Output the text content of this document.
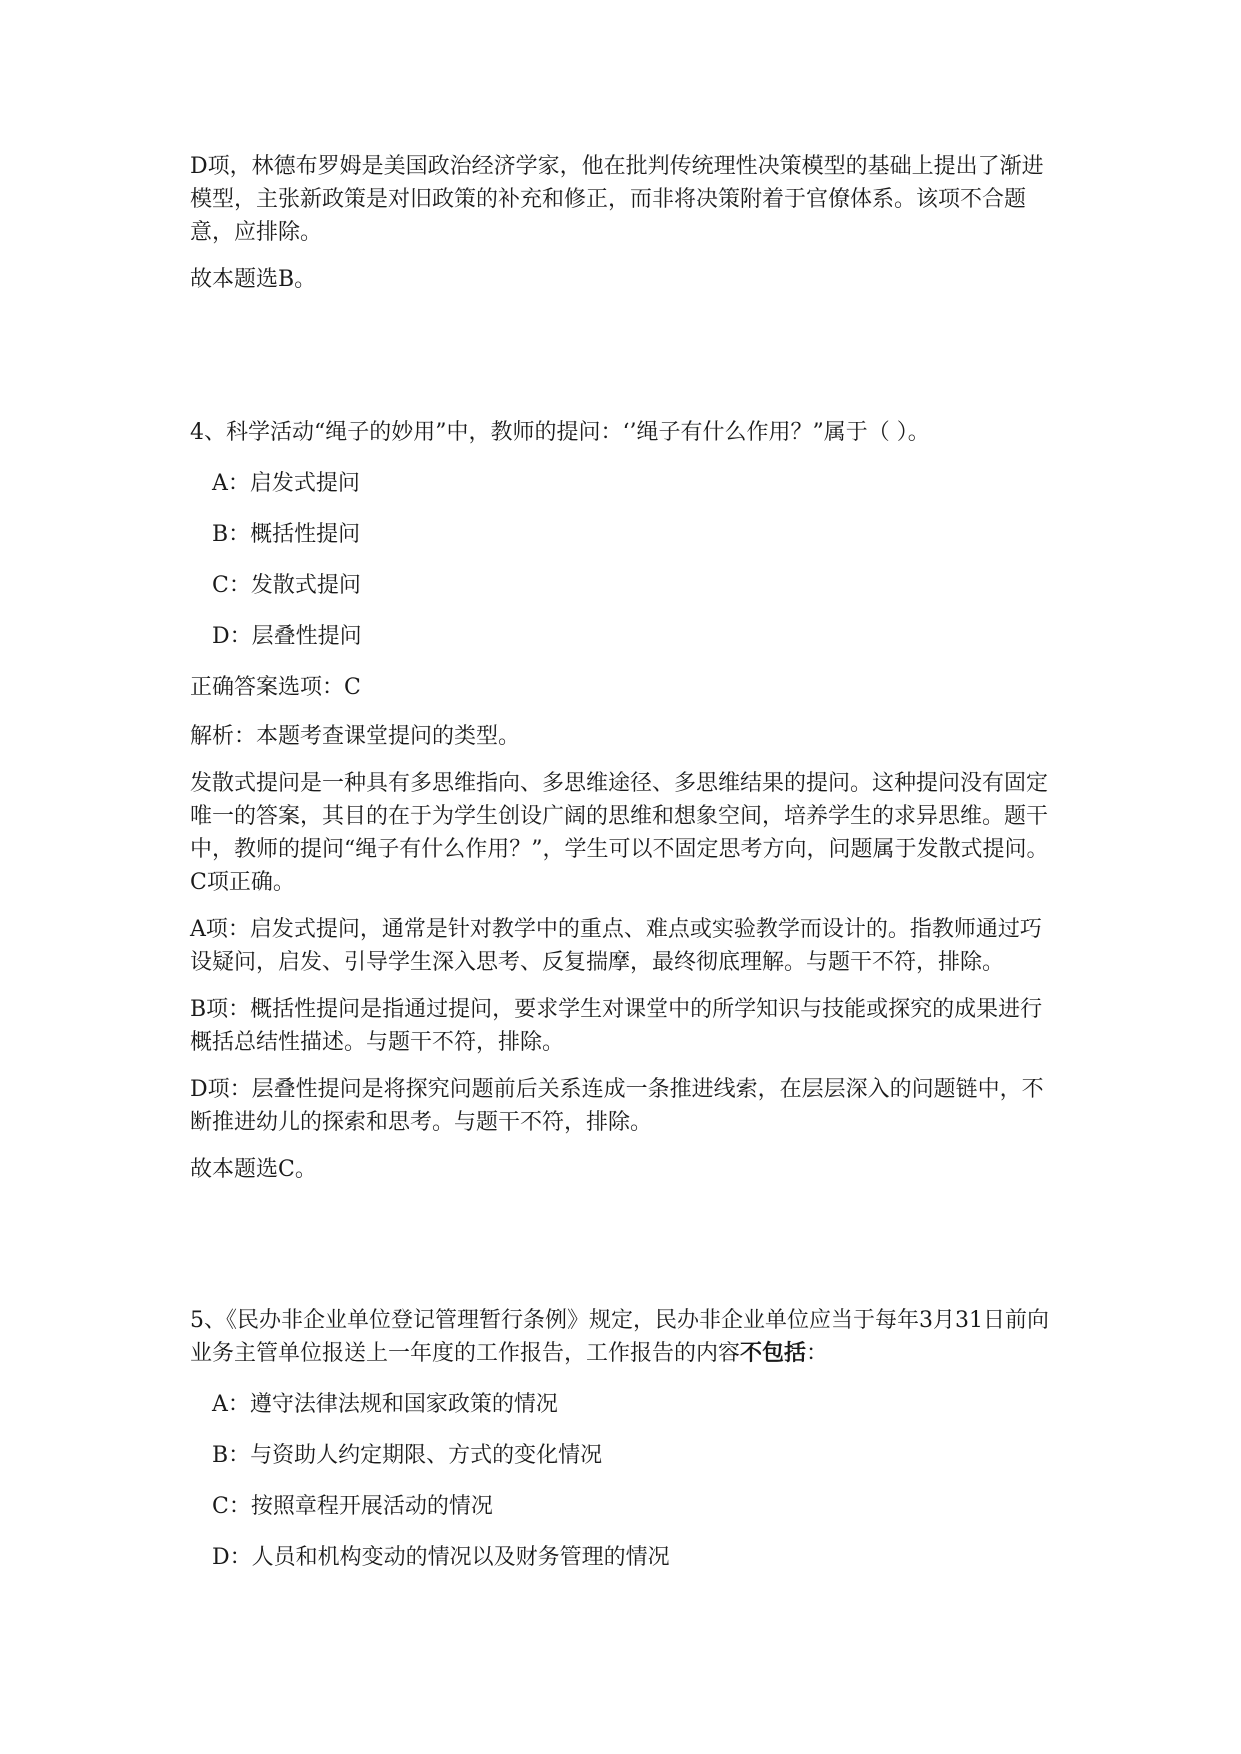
D项，林德布罗姆是美国政治经济学家，他在批判传统理性决策模型的基础上提出了渐进模型，主张新政策是对旧政策的补充和修正，而非将决策附着于官僚体系。该项不合题意，应排除。

故本题选B。

4、科学活动“绳子的妙用”中，教师的提问：‘’绳子有什么作用？”属于（ ）。

A：启发式提问
B：概括性提问
C：发散式提问
D：层叠性提问

正确答案选项：C

解析：本题考查课堂提问的类型。

发散式提问是一种具有多思维指向、多思维途径、多思维结果的提问。这种提问没有固定唯一的答案，其目的在于为学生创设广阔的思维和想象空间，培养学生的求异思维。题干中，教师的提问“绳子有什么作用？”，学生可以不固定思考方向，问题属于发散式提问。C项正确。

A项：启发式提问，通常是针对教学中的重点、难点或实验教学而设计的。指教师通过巧设疑问，启发、引导学生深入思考、反复揣摩，最终彻底理解。与题干不符，排除。

B项：概括性提问是指通过提问，要求学生对课堂中的所学知识与技能或探究的成果进行概括总结性描述。与题干不符，排除。

D项：层叠性提问是将探究问题前后关系连成一条推进线索，在层层深入的问题链中，不断推进幼儿的探索和思考。与题干不符，排除。

故本题选C。

5、《民办非企业单位登记管理暂行条例》规定，民办非企业单位应当于每年3月31日前向业务主管单位报送上一年度的工作报告，工作报告的内容不包括：

A：遵守法律法规和国家政策的情况
B：与资助人约定期限、方式的变化情况
C：按照章程开展活动的情况
D：人员和机构变动的情况以及财务管理的情况
